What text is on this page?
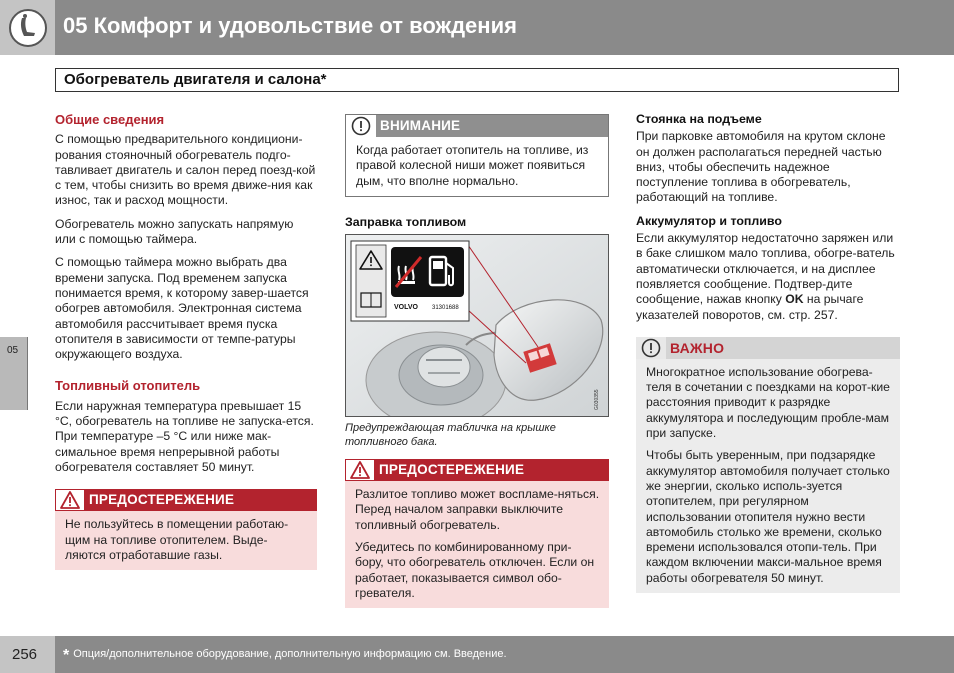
05 Комфорт и удовольствие от вождения
Обогреватель двигателя и салона*
05
Общие сведения

С помощью предварительного кондициони-рования стояночный обогреватель подго-тавливает двигатель и салон перед поезд-кой с тем, чтобы снизить во время движе-ния как износ, так и расход мощности.

Обогреватель можно запускать напрямую или с помощью таймера.

С помощью таймера можно выбрать два времени запуска. Под временем запуска понимается время, к которому завер-шается обогрев автомобиля. Электронная система автомобиля рассчитывает время пуска отопителя в зависимости от темпе-ратуры окружающего воздуха.

Топливный отопитель

Если наружная температура превышает 15 °C, обогреватель на топливе не запуска-ется. При температуре –5 °C или ниже мак-симальное время непрерывной работы обогревателя составляет 50 минут.

ПРЕДОСТЕРЕЖЕНИЕ

Не пользуйтесь в помещении работаю-щим на топливе отопителем. Выде-ляются отработавшие газы.

ВНИМАНИЕ

Когда работает отопитель на топливе, из правой колесной ниши может появиться дым, что вполне нормально.

Заправка топливом
VOLVO 31301688
G030355
Предупреждающая табличка на крышке топливного бака.
ПРЕДОСТЕРЕЖЕНИЕ

Разлитое топливо может воспламе-няться. Перед началом заправки выключите топливный обогреватель.

Убедитесь по комбинированному при-бору, что обогреватель отключен. Если он работает, показывается символ обо-гревателя.

Стоянка на подъеме

При парковке автомобиля на крутом склоне он должен располагаться передней частью вниз, чтобы обеспечить надежное поступление топлива в обогреватель, работающий на топливе.

Аккумулятор и топливо

Если аккумулятор недостаточно заряжен или в баке слишком мало топлива, обогре-ватель автоматически отключается, и на дисплее появляется сообщение. Подтвер-дите сообщение, нажав кнопку OK на рычаге указателей поворотов, см. стр. 257.

ВАЖНО

Многократное использование обогрева-теля в сочетании с поездками на корот-кие расстояния приводит к разрядке аккумулятора и последующим пробле-мам при запуске.

Чтобы быть уверенным, при подзарядке аккумулятор автомобиля получает столько же энергии, сколько исполь-зуется отопителем, при регулярном использовании отопителя нужно вести автомобиль столько же времени, сколько времени использовался отопи-тель. При каждом включении макси-мальное время работы обогревателя 50 минут.

256	* Опция/дополнительное оборудование, дополнительную информацию см. Введение.
